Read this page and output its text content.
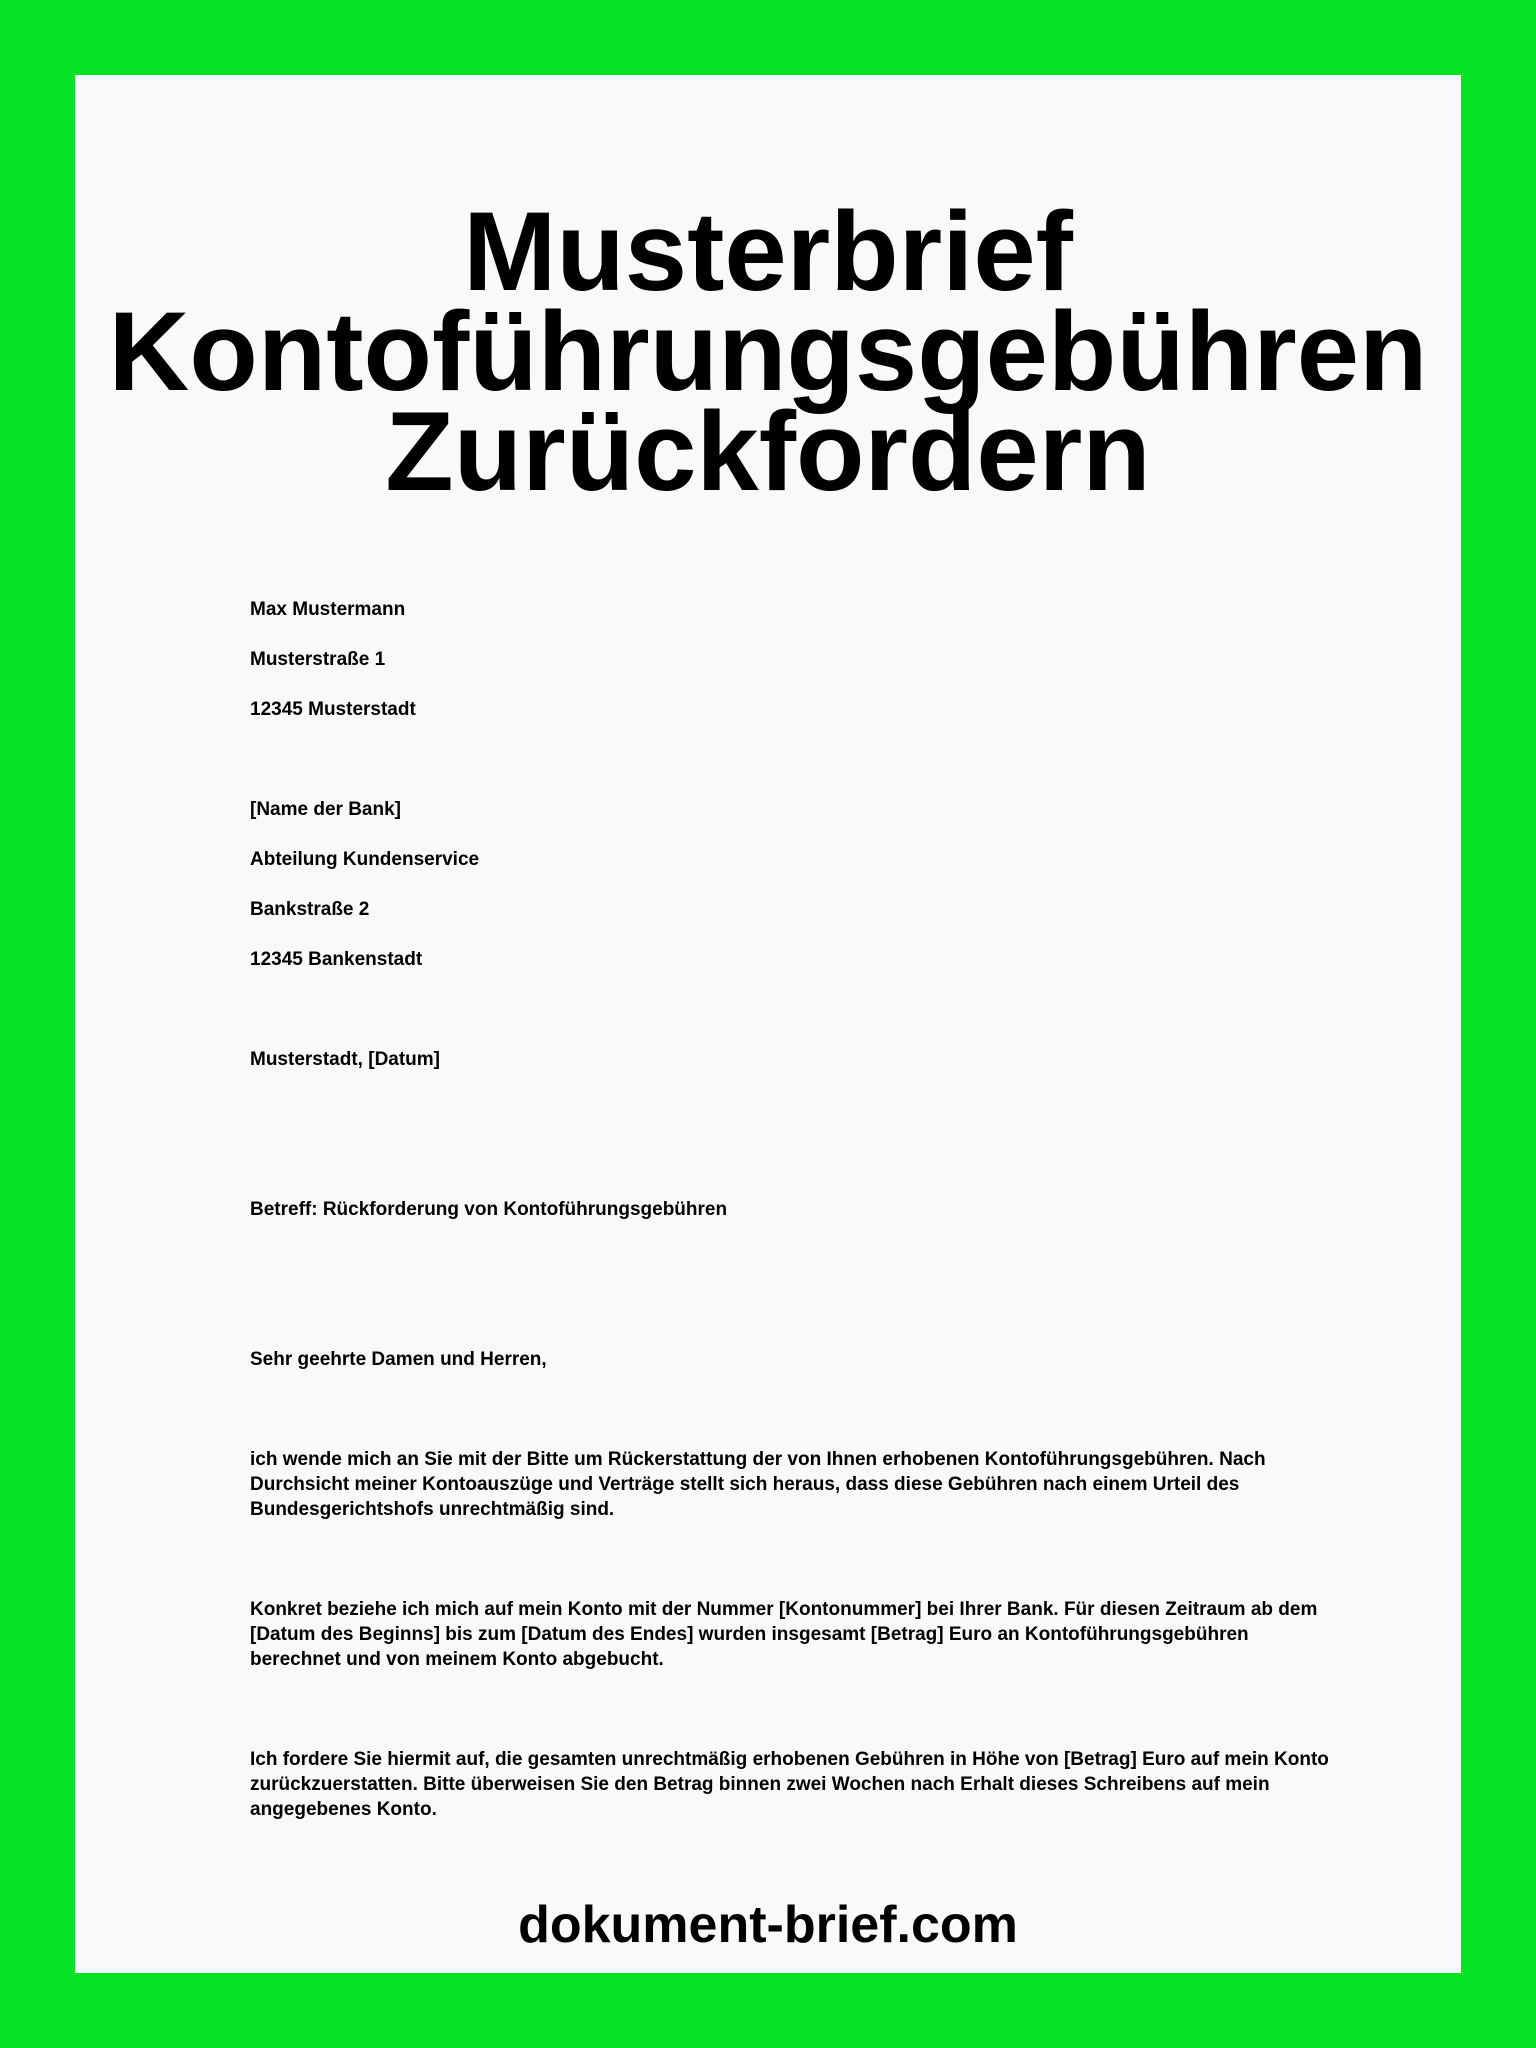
Musterbrief
Kontoführungsgebühren
Zurückfordern

Max Mustermann

Musterstraße 1

12345 Musterstadt

[Name der Bank]

Abteilung Kundenservice

Bankstraße 2

12345 Bankenstadt

Musterstadt, [Datum]

Betreff: Rückforderung von Kontoführungsgebühren

Sehr geehrte Damen und Herren,

ich wende mich an Sie mit der Bitte um Rückerstattung der von Ihnen erhobenen Kontoführungsgebühren. Nach Durchsicht meiner Kontoauszüge und Verträge stellt sich heraus, dass diese Gebühren nach einem Urteil des Bundesgerichtshofs unrechtmäßig sind.

Konkret beziehe ich mich auf mein Konto mit der Nummer [Kontonummer] bei Ihrer Bank. Für diesen Zeitraum ab dem [Datum des Beginns] bis zum [Datum des Endes] wurden insgesamt [Betrag] Euro an Kontoführungsgebühren berechnet und von meinem Konto abgebucht.

Ich fordere Sie hiermit auf, die gesamten unrechtmäßig erhobenen Gebühren in Höhe von [Betrag] Euro auf mein Konto zurückzuerstatten. Bitte überweisen Sie den Betrag binnen zwei Wochen nach Erhalt dieses Schreibens auf mein angegebenes Konto.

dokument-brief.com
